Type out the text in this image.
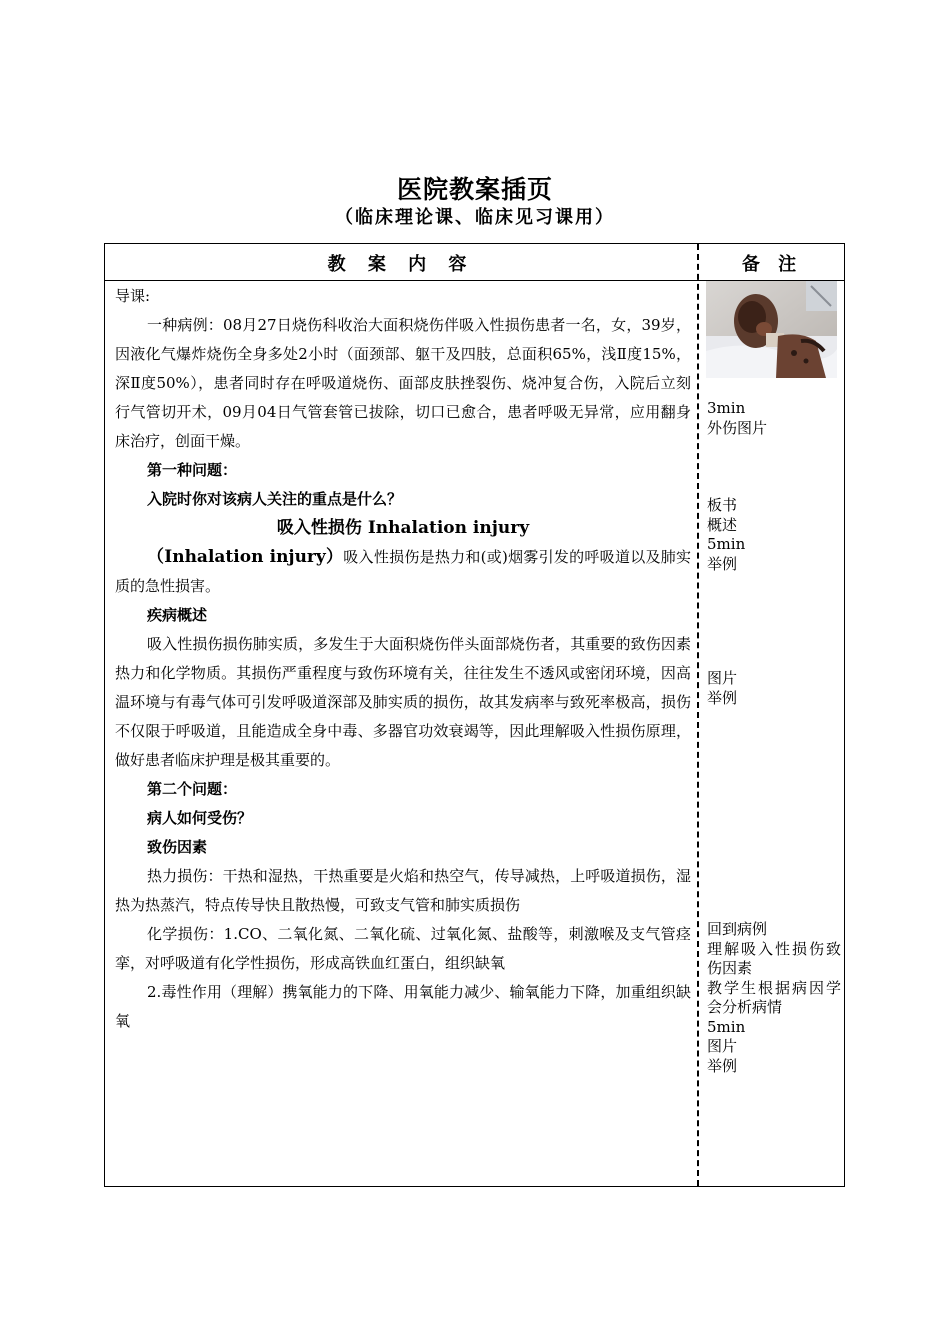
医院教案插页
（临床理论课、临床见习课用）
教 案 内 容	备 注

导课:

一种病例：08月27日烧伤科收治大面积烧伤伴吸入性损伤患者一名，女，39岁，因液化气爆炸烧伤全身多处2小时（面颈部、躯干及四肢，总面积65%，浅Ⅱ度15%，深Ⅱ度50%），患者同时存在呼吸道烧伤、面部皮肤挫裂伤、烧冲复合伤，入院后立刻行气管切开术，09月04日气管套管已拔除，切口已愈合，患者呼吸无异常，应用翻身床治疗，创面干燥。

第一种问题：

入院时你对该病人关注的重点是什么？

吸入性损伤 Inhalation injury

（Inhalation injury）吸入性损伤是热力和(或)烟雾引发的呼吸道以及肺实质的急性损害。

疾病概述

吸入性损伤损伤肺实质，多发生于大面积烧伤伴头面部烧伤者，其重要的致伤因素热力和化学物质。其损伤严重程度与致伤环境有关，往往发生不透风或密闭环境，因高温环境与有毒气体可引发呼吸道深部及肺实质的损伤，故其发病率与致死率极高，损伤不仅限于呼吸道，且能造成全身中毒、多器官功效衰竭等，因此理解吸入性损伤原理，做好患者临床护理是极其重要的。

第二个问题：

病人如何受伤？

致伤因素

热力损伤：干热和湿热，干热重要是火焰和热空气，传导减热，上呼吸道损伤，湿热为热蒸汽，特点传导快且散热慢，可致支气管和肺实质损伤

化学损伤：1.CO、二氧化氮、二氧化硫、过氧化氮、盐酸等，刺激喉及支气管痉挛，对呼吸道有化学性损伤，形成高铁血红蛋白，组织缺氧

2.毒性作用（理解）携氧能力的下降、用氧能力减少、输氧能力下降，加重组织缺氧

3min
外伤图片
板书
概述
5min
举例
图片
举例
回到病例
理解吸入性损伤致伤因素
教学生根据病因学会分析病情
5min
图片
举例
